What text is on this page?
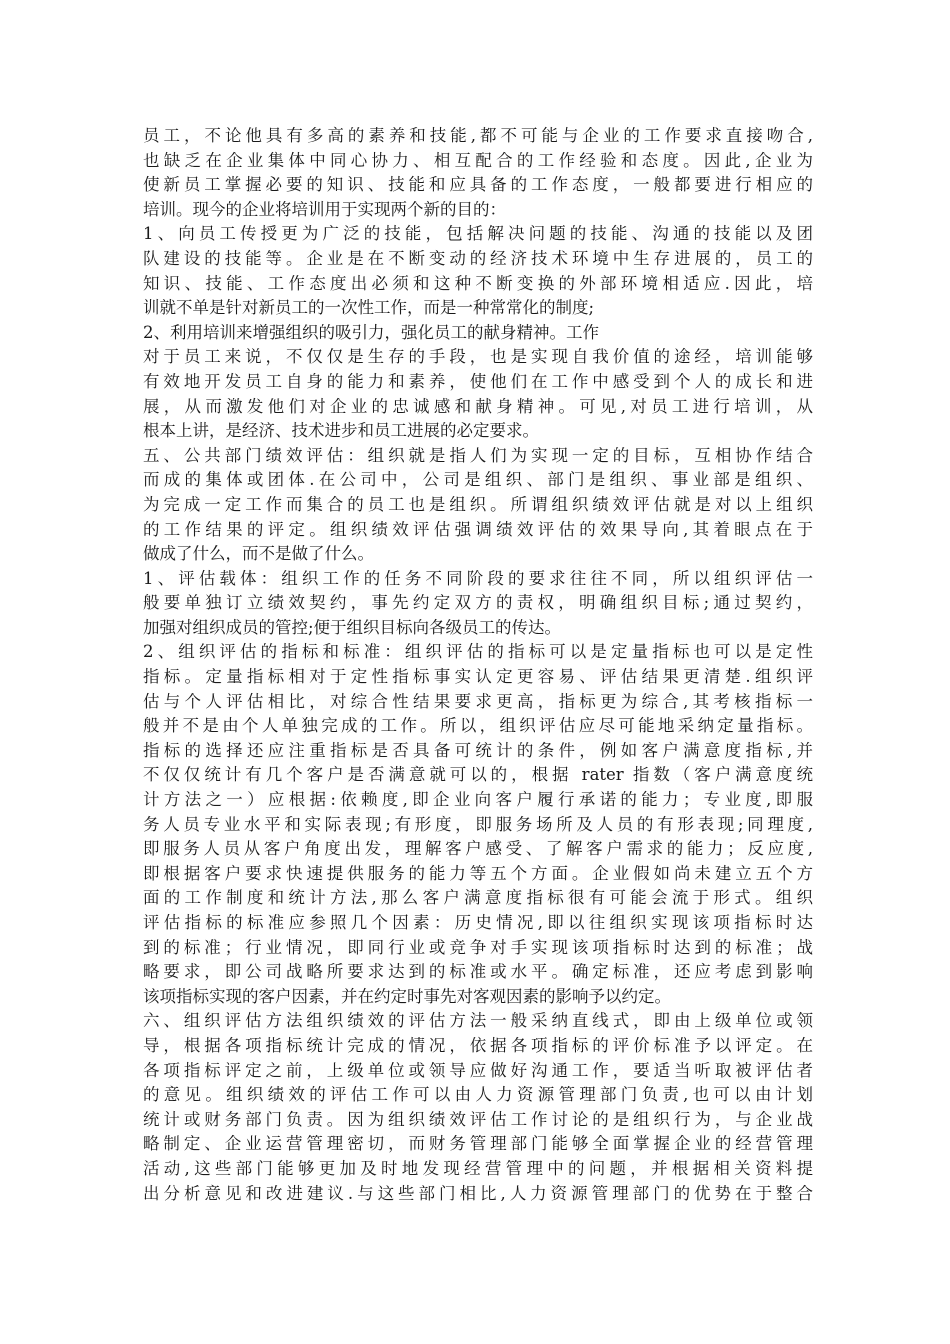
员工，不论他具有多高的素养和技能,都不可能与企业的工作要求直接吻合,
也缺乏在企业集体中同心协力、相互配合的工作经验和态度。因此,企业为
使新员工掌握必要的知识、技能和应具备的工作态度，一般都要进行相应的
培训。现今的企业将培训用于实现两个新的目的：
1、向员工传授更为广泛的技能，包括解决问题的技能、沟通的技能以及团
队建设的技能等。企业是在不断变动的经济技术环境中生存进展的，员工的
知识、技能、工作态度出必须和这种不断变换的外部环境相适应.因此，培
训就不单是针对新员工的一次性工作，而是一种常常化的制度;
2、利用培训来增强组织的吸引力，强化员工的献身精神。工作
对于员工来说，不仅仅是生存的手段，也是实现自我价值的途经，培训能够
有效地开发员工自身的能力和素养，使他们在工作中感受到个人的成长和进
展，从而激发他们对企业的忠诚感和献身精神。可见,对员工进行培训，从
根本上讲，是经济、技术进步和员工进展的必定要求。
五、公共部门绩效评估：组织就是指人们为实现一定的目标，互相协作结合
而成的集体或团体.在公司中，公司是组织、部门是组织、事业部是组织、
为完成一定工作而集合的员工也是组织。所谓组织绩效评估就是对以上组织
的工作结果的评定。组织绩效评估强调绩效评估的效果导向,其着眼点在于
做成了什么，而不是做了什么。
1、评估载体：组织工作的任务不同阶段的要求往往不同，所以组织评估一
般要单独订立绩效契约，事先约定双方的责权，明确组织目标;通过契约，
加强对组织成员的管控;便于组织目标向各级员工的传达。
2、组织评估的指标和标准：组织评估的指标可以是定量指标也可以是定性
指标。定量指标相对于定性指标事实认定更容易、评估结果更清楚.组织评
估与个人评估相比，对综合性结果要求更高，指标更为综合,其考核指标一
般并不是由个人单独完成的工作。所以，组织评估应尽可能地采纳定量指标。
指标的选择还应注重指标是否具备可统计的条件，例如客户满意度指标,并
不仅仅统计有几个客户是否满意就可以的，根据 rater 指数（客户满意度统
计方法之一）应根据:依赖度,即企业向客户履行承诺的能力；专业度,即服
务人员专业水平和实际表现;有形度，即服务场所及人员的有形表现;同理度,
即服务人员从客户角度出发，理解客户感受、了解客户需求的能力；反应度,
即根据客户要求快速提供服务的能力等五个方面。企业假如尚未建立五个方
面的工作制度和统计方法,那么客户满意度指标很有可能会流于形式。组织
评估指标的标准应参照几个因素：历史情况,即以往组织实现该项指标时达
到的标准；行业情况，即同行业或竞争对手实现该项指标时达到的标准；战
略要求，即公司战略所要求达到的标准或水平。确定标准，还应考虑到影响
该项指标实现的客户因素，并在约定时事先对客观因素的影响予以约定。
六、组织评估方法组织绩效的评估方法一般采纳直线式，即由上级单位或领
导，根据各项指标统计完成的情况，依据各项指标的评价标准予以评定。在
各项指标评定之前，上级单位或领导应做好沟通工作，要适当听取被评估者
的意见。组织绩效的评估工作可以由人力资源管理部门负责,也可以由计划
统计或财务部门负责。因为组织绩效评估工作讨论的是组织行为，与企业战
略制定、企业运营管理密切，而财务管理部门能够全面掌握企业的经营管理
活动,这些部门能够更加及时地发现经营管理中的问题，并根据相关资料提
出分析意见和改进建议.与这些部门相比,人力资源管理部门的优势在于整合
